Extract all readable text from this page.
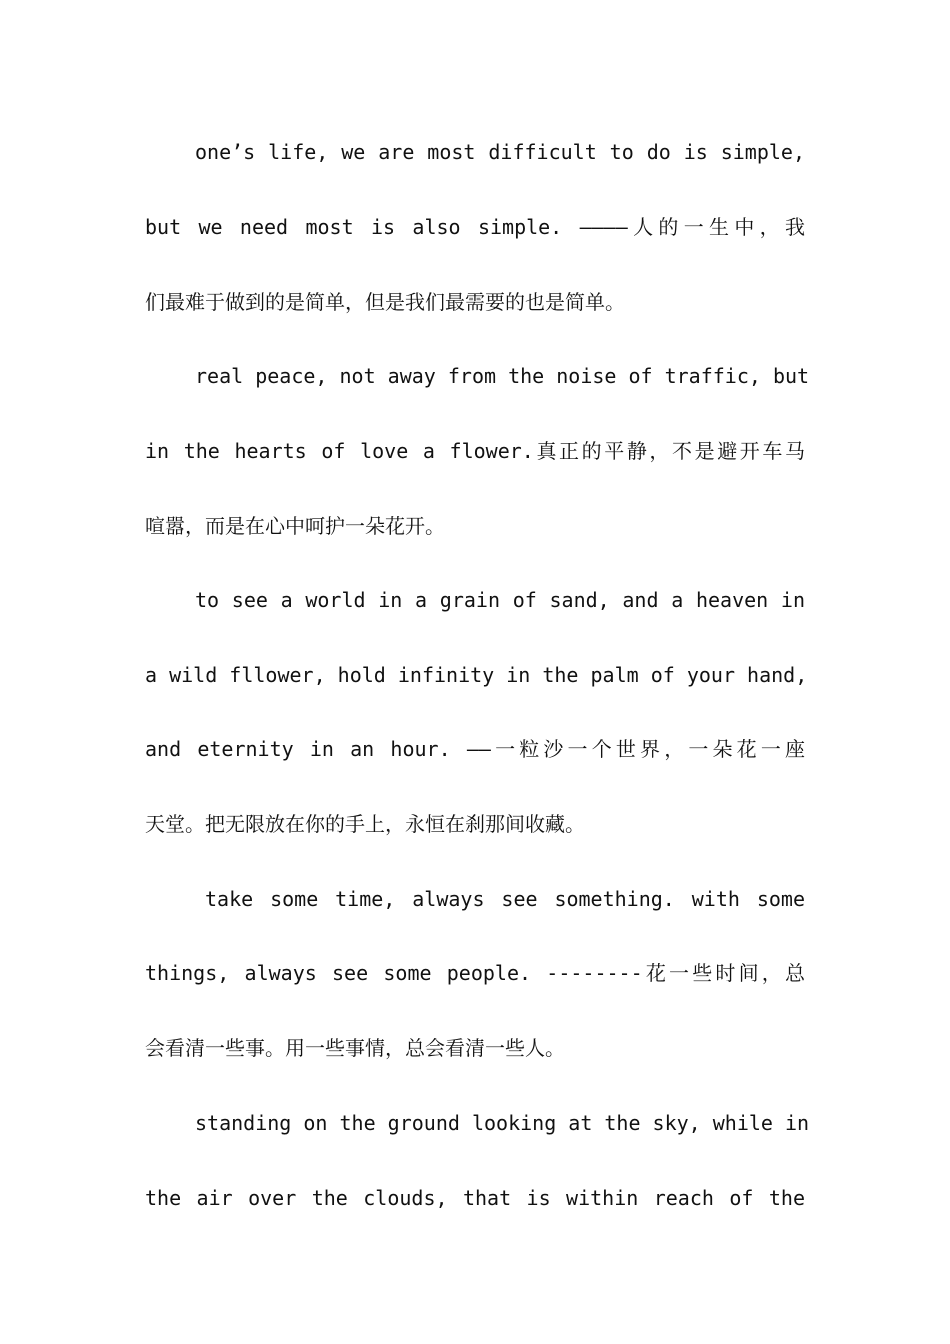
one’s life, we are most difficult to do is simple,
but we need most is also simple. ————人的一生中，我
们最难于做到的是简单，但是我们最需要的也是简单。
real peace, not away from the noise of traffic, but
in the hearts of love a flower.真正的平静，不是避开车马
喧嚣，而是在心中呵护一朵花开。
to see a world in a grain of sand, and a heaven in
a wild fllower, hold infinity in the palm of your hand,
and eternity in an hour. ——一粒沙一个世界，一朵花一座
天堂。把无限放在你的手上，永恒在刹那间收藏。
take some time, always see something. with some
things, always see some people. --------花一些时间，总
会看清一些事。用一些事情，总会看清一些人。
standing on the ground looking at the sky, while in
the air over the clouds, that is within reach of the
